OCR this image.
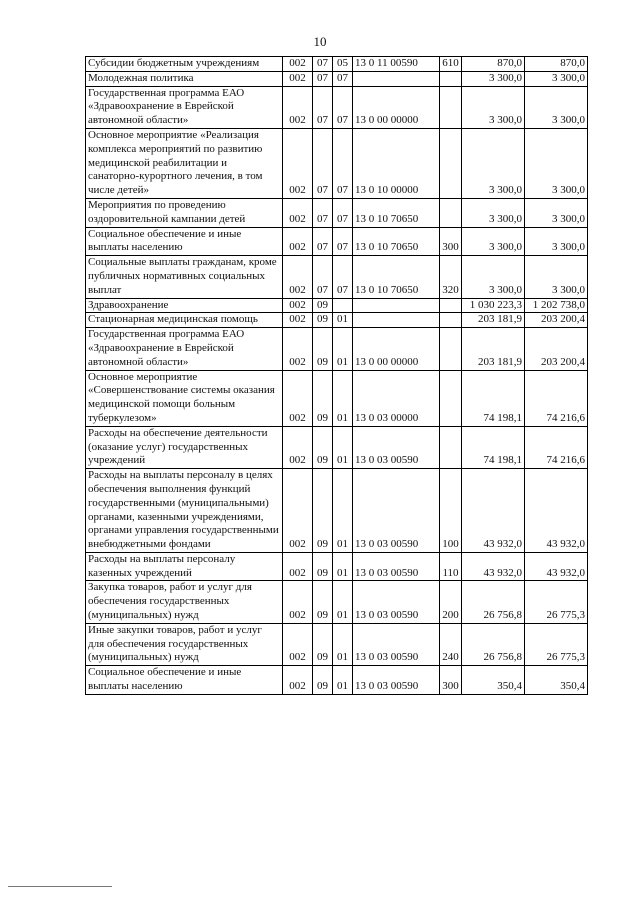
10
Субсидии бюджетным учреждениям	002	07	05	13 0 11 00590	610	870,0	870,0
Молодежная политика	002	07	07			3 300,0	3 300,0
Государственная программа ЕАО «Здравоохранение в Еврейской автономной области»	002	07	07	13 0 00 00000		3 300,0	3 300,0
Основное мероприятие «Реализация комплекса мероприятий по развитию медицинской реабилитации и санаторно-курортного лечения, в том числе детей»	002	07	07	13 0 10 00000		3 300,0	3 300,0
Мероприятия по проведению оздоровительной кампании детей	002	07	07	13 0 10 70650		3 300,0	3 300,0
Социальное обеспечение и иные выплаты населению	002	07	07	13 0 10 70650	300	3 300,0	3 300,0
Социальные выплаты гражданам, кроме публичных нормативных социальных выплат	002	07	07	13 0 10 70650	320	3 300,0	3 300,0
Здравоохранение	002	09				1 030 223,3	1 202 738,0
Стационарная медицинская помощь	002	09	01			203 181,9	203 200,4
Государственная программа ЕАО «Здравоохранение в Еврейской автономной области»	002	09	01	13 0 00 00000		203 181,9	203 200,4
Основное мероприятие «Совершенствование системы оказания медицинской помощи больным туберкулезом»	002	09	01	13 0 03 00000		74 198,1	74 216,6
Расходы на обеспечение деятельности (оказание услуг) государственных учреждений	002	09	01	13 0 03 00590		74 198,1	74 216,6
Расходы на выплаты персоналу в целях обеспечения выполнения функций государственными (муниципальными) органами, казенными учреждениями, органами управления государственными внебюджетными фондами	002	09	01	13 0 03 00590	100	43 932,0	43 932,0
Расходы на выплаты персоналу казенных учреждений	002	09	01	13 0 03 00590	110	43 932,0	43 932,0
Закупка товаров, работ и услуг для обеспечения государственных (муниципальных) нужд	002	09	01	13 0 03 00590	200	26 756,8	26 775,3
Иные закупки товаров, работ и услуг для обеспечения государственных (муниципальных) нужд	002	09	01	13 0 03 00590	240	26 756,8	26 775,3
Социальное обеспечение и иные выплаты населению	002	09	01	13 0 03 00590	300	350,4	350,4
